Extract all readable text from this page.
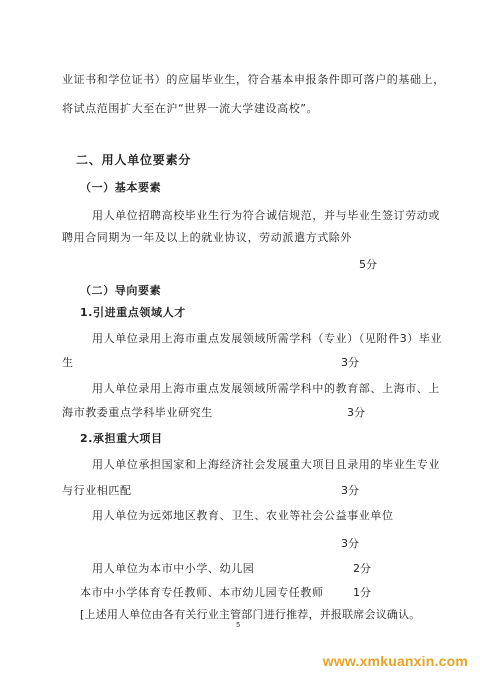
业证书和学位证书）的应届毕业生，符合基本申报条件即可落户的基础上，
将试点范围扩大至在沪“世界一流大学建设高校”。
二、用人单位要素分
（一）基本要素
用人单位招聘高校毕业生行为符合诚信规范，并与毕业生签订劳动或
聘用合同期为一年及以上的就业协议，劳动派遣方式除外
5分
（二）导向要素
1.引进重点领域人才
用人单位录用上海市重点发展领域所需学科（专业）（见附件3）毕业
生	3分
用人单位录用上海市重点发展领域所需学科中的教育部、上海市、上
海市教委重点学科毕业研究生	3分
2.承担重大项目
用人单位承担国家和上海经济社会发展重大项目且录用的毕业生专业
与行业相匹配	3分
用人单位为远郊地区教育、卫生、农业等社会公益事业单位
3分
用人单位为本市中小学、幼儿园	2分
本市中小学体育专任教师、本市幼儿园专任教师	1分
[上述用人单位由各有关行业主管部门进行推荐，并报联席会议确认。
5
www.xmkuanxin.com
